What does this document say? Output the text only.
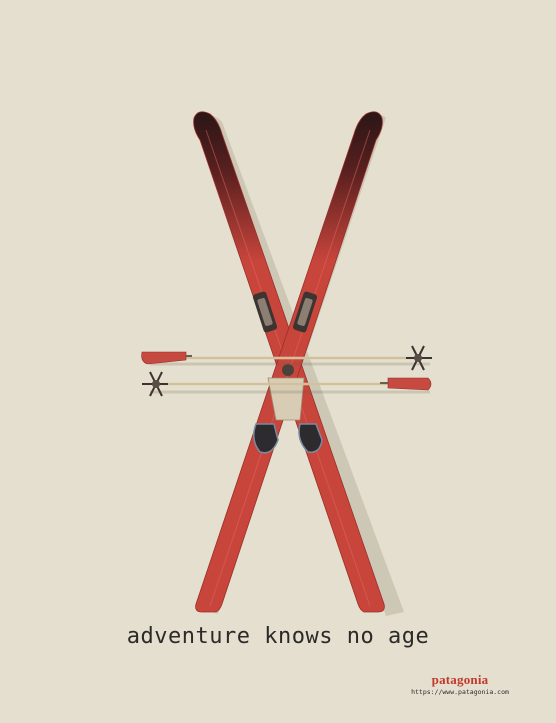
adventure knows no age
patagonia
https://www.patagonia.com
